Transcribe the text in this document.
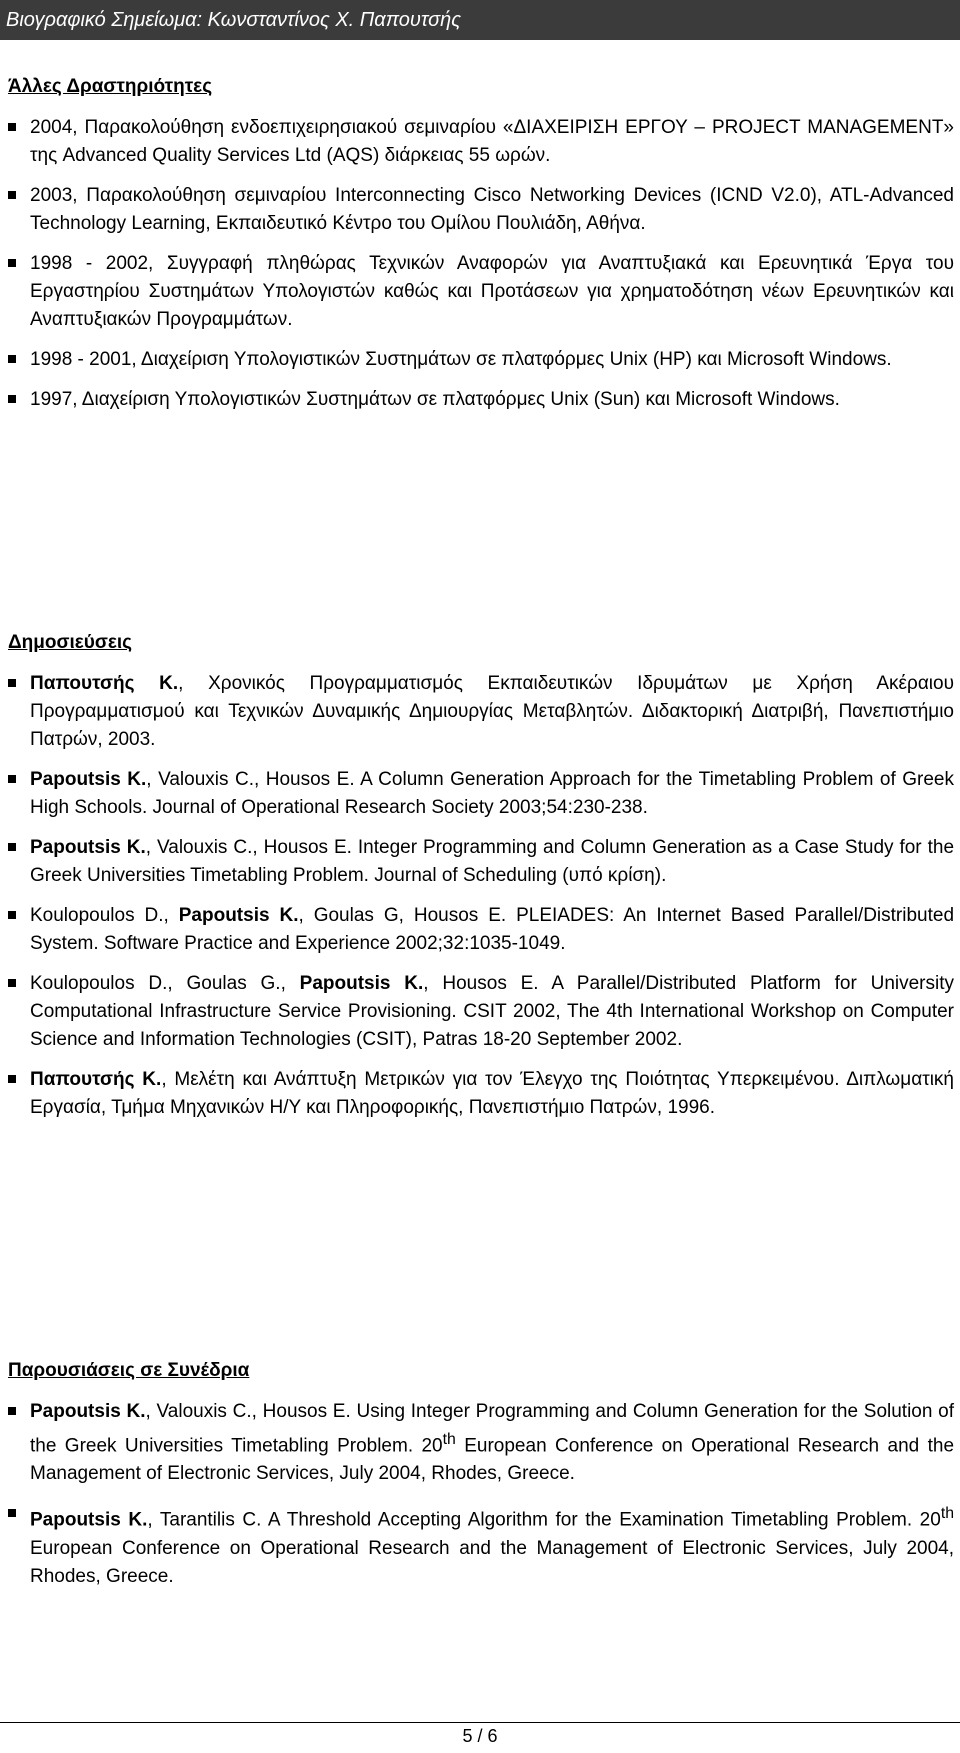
Βιογραφικό Σημείωμα: Κωνσταντίνος Χ. Παπουτσής
Άλλες Δραστηριότητες
2004, Παρακολούθηση ενδοεπιχειρησιακού σεμιναρίου «ΔΙΑΧΕΙΡΙΣΗ ΕΡΓΟΥ – PROJECT MANAGEMENT» της Advanced Quality Services Ltd (AQS) διάρκειας 55 ωρών.
2003, Παρακολούθηση σεμιναρίου Interconnecting Cisco Networking Devices (ICND V2.0), ATL-Advanced Technology Learning, Εκπαιδευτικό Κέντρο του Ομίλου Πουλιάδη, Αθήνα.
1998 - 2002, Συγγραφή πληθώρας Τεχνικών Αναφορών για Αναπτυξιακά και Ερευνητικά Έργα του Εργαστηρίου Συστημάτων Υπολογιστών καθώς και Προτάσεων για χρηματοδότηση νέων Ερευνητικών και Αναπτυξιακών Προγραμμάτων.
1998 - 2001, Διαχείριση Υπολογιστικών Συστημάτων σε πλατφόρμες Unix (HP) και Microsoft Windows.
1997, Διαχείριση Υπολογιστικών Συστημάτων σε πλατφόρμες Unix (Sun) και Microsoft Windows.
Δημοσιεύσεις
Παπουτσής Κ., Χρονικός Προγραμματισμός Εκπαιδευτικών Ιδρυμάτων με Χρήση Ακέραιου Προγραμματισμού και Τεχνικών Δυναμικής Δημιουργίας Μεταβλητών. Διδακτορική Διατριβή, Πανεπιστήμιο Πατρών, 2003.
Papoutsis K., Valouxis C., Housos E. A Column Generation Approach for the Timetabling Problem of Greek High Schools. Journal of Operational Research Society 2003;54:230-238.
Papoutsis K., Valouxis C., Housos E. Integer Programming and Column Generation as a Case Study for the Greek Universities Timetabling Problem. Journal of Scheduling (υπό κρίση).
Koulopoulos D., Papoutsis K., Goulas G, Housos E. PLEIADES: An Internet Based Parallel/Distributed System. Software Practice and Experience 2002;32:1035-1049.
Koulopoulos D., Goulas G., Papoutsis K., Housos E. A Parallel/Distributed Platform for University Computational Infrastructure Service Provisioning. CSIT 2002, The 4th International Workshop on Computer Science and Information Technologies (CSIT), Patras 18-20 September 2002.
Παπουτσής Κ., Μελέτη και Ανάπτυξη Μετρικών για τον Έλεγχο της Ποιότητας Υπερκειμένου. Διπλωματική Εργασία, Τμήμα Μηχανικών Η/Υ και Πληροφορικής, Πανεπιστήμιο Πατρών, 1996.
Παρουσιάσεις σε Συνέδρια
Papoutsis K., Valouxis C., Housos E. Using Integer Programming and Column Generation for the Solution of the Greek Universities Timetabling Problem. 20th European Conference on Operational Research and the Management of Electronic Services, July 2004, Rhodes, Greece.
Papoutsis K., Tarantilis C. A Threshold Accepting Algorithm for the Examination Timetabling Problem. 20th European Conference on Operational Research and the Management of Electronic Services, July 2004, Rhodes, Greece.
5 / 6
